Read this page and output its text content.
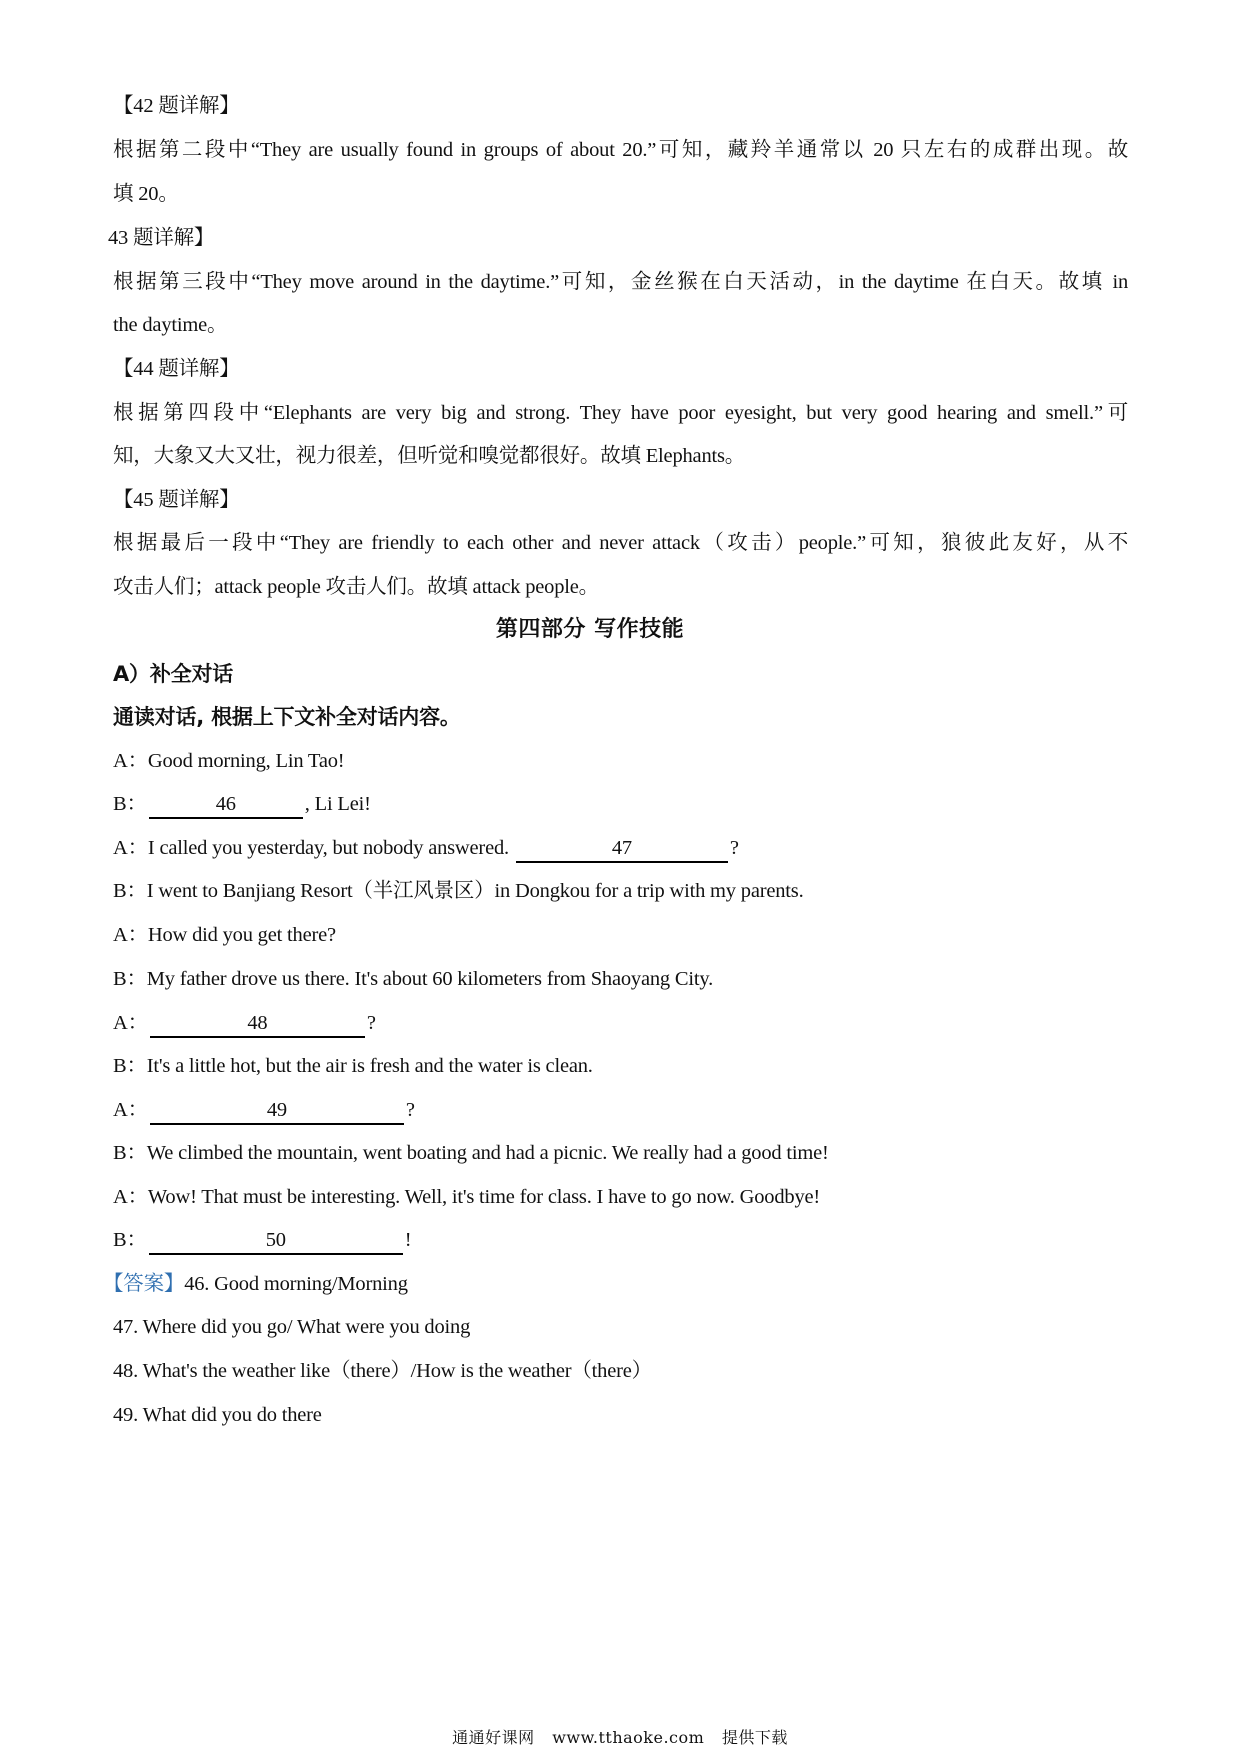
【42 题详解】
根据第二段中“They are usually found in groups of about 20.”可知，藏羚羊通常以 20 只左右的成群出现。故
填 20。
43 题详解】
根据第三段中“They move around in the daytime.”可知，金丝猴在白天活动，in the daytime 在白天。故填 in
the daytime。
【44 题详解】
根据第四段中“Elephants are very big and strong. They have poor eyesight, but very good hearing and smell.”可
知，大象又大又壮，视力很差，但听觉和嗅觉都很好。故填 Elephants。
【45 题详解】
根据最后一段中“They are friendly to each other and never attack（攻击）people.”可知，狼彼此友好，从不
攻击人们；attack people 攻击人们。故填 attack people。
第四部分 写作技能
A）补全对话
通读对话, 根据上下文补全对话内容。
A：Good morning, Lin Tao!
B：	46	, Li Lei!
A：I called you yesterday, but nobody answered.	47	?
B：I went to Banjiang Resort（半江风景区）in Dongkou for a trip with my parents.
A：How did you get there?
B：My father drove us there. It's about 60 kilometers from Shaoyang City.
A：	48	?
B：It's a little hot, but the air is fresh and the water is clean.
A：	49	?
B：We climbed the mountain, went boating and had a picnic. We really had a good time!
A：Wow! That must be interesting. Well, it's time for class. I have to go now. Goodbye!
B：	50	!
【答案】46. Good morning/Morning
47. Where did you go/ What were you doing
48. What's the weather like（there）/How is the weather（there）
49. What did you do there
通通好课网 www.tthaoke.com 提供下载
